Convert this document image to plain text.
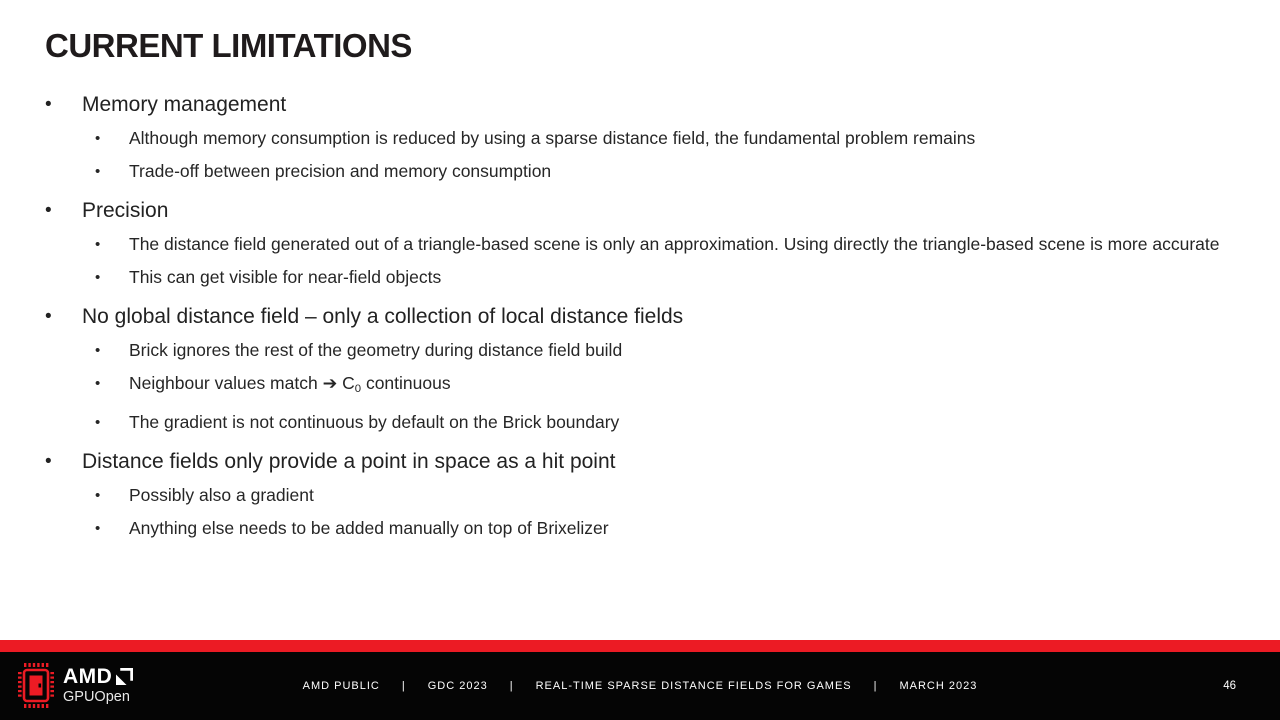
CURRENT LIMITATIONS
•	Memory management
•	Although memory consumption is reduced by using a sparse distance field, the fundamental problem remains
•	Trade-off between precision and memory consumption
•	Precision
•	The distance field generated out of a triangle-based scene is only an approximation. Using directly the triangle-based scene is more accurate
•	This can get visible for near-field objects
•	No global distance field – only a collection of local distance fields
•	Brick ignores the rest of the geometry during distance field build
•	Neighbour values match ➔ $C_0$ continuous
•	The gradient is not continuous by default on the Brick boundary
•	Distance fields only provide a point in space as a hit point
•	Possibly also a gradient
•	Anything else needs to be added manually on top of Brixelizer
AMD
GPUOpen
AMD PUBLIC | GDC 2023 | REAL-TIME SPARSE DISTANCE FIELDS FOR GAMES | MARCH 2023	46
